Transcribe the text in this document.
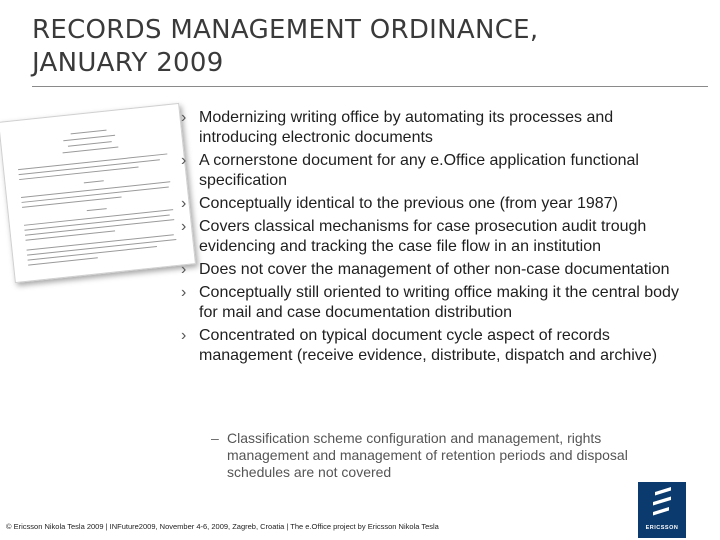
RECORDS MANAGEMENT ORDINANCE,
JANUARY 2009
› Modernizing writing office by automating its processes and introducing electronic documents
› A cornerstone document for any e.Office application functional specification
› Conceptually identical to the previous one (from year 1987)
› Covers classical mechanisms for case prosecution audit trough evidencing and tracking the case file flow in an institution
› Does not cover the management of other non-case documentation
› Conceptually still oriented to writing office making it the central body for mail and case documentation distribution
› Concentrated on typical document cycle aspect of records management (receive evidence, distribute, dispatch and archive)
– Classification scheme configuration and management, rights management and management of retention periods and disposal schedules are not covered
© Ericsson Nikola Tesla 2009 | INFuture2009, November 4-6, 2009, Zagreb, Croatia | The e.Office project by Ericsson Nikola Tesla	ERICSSON
